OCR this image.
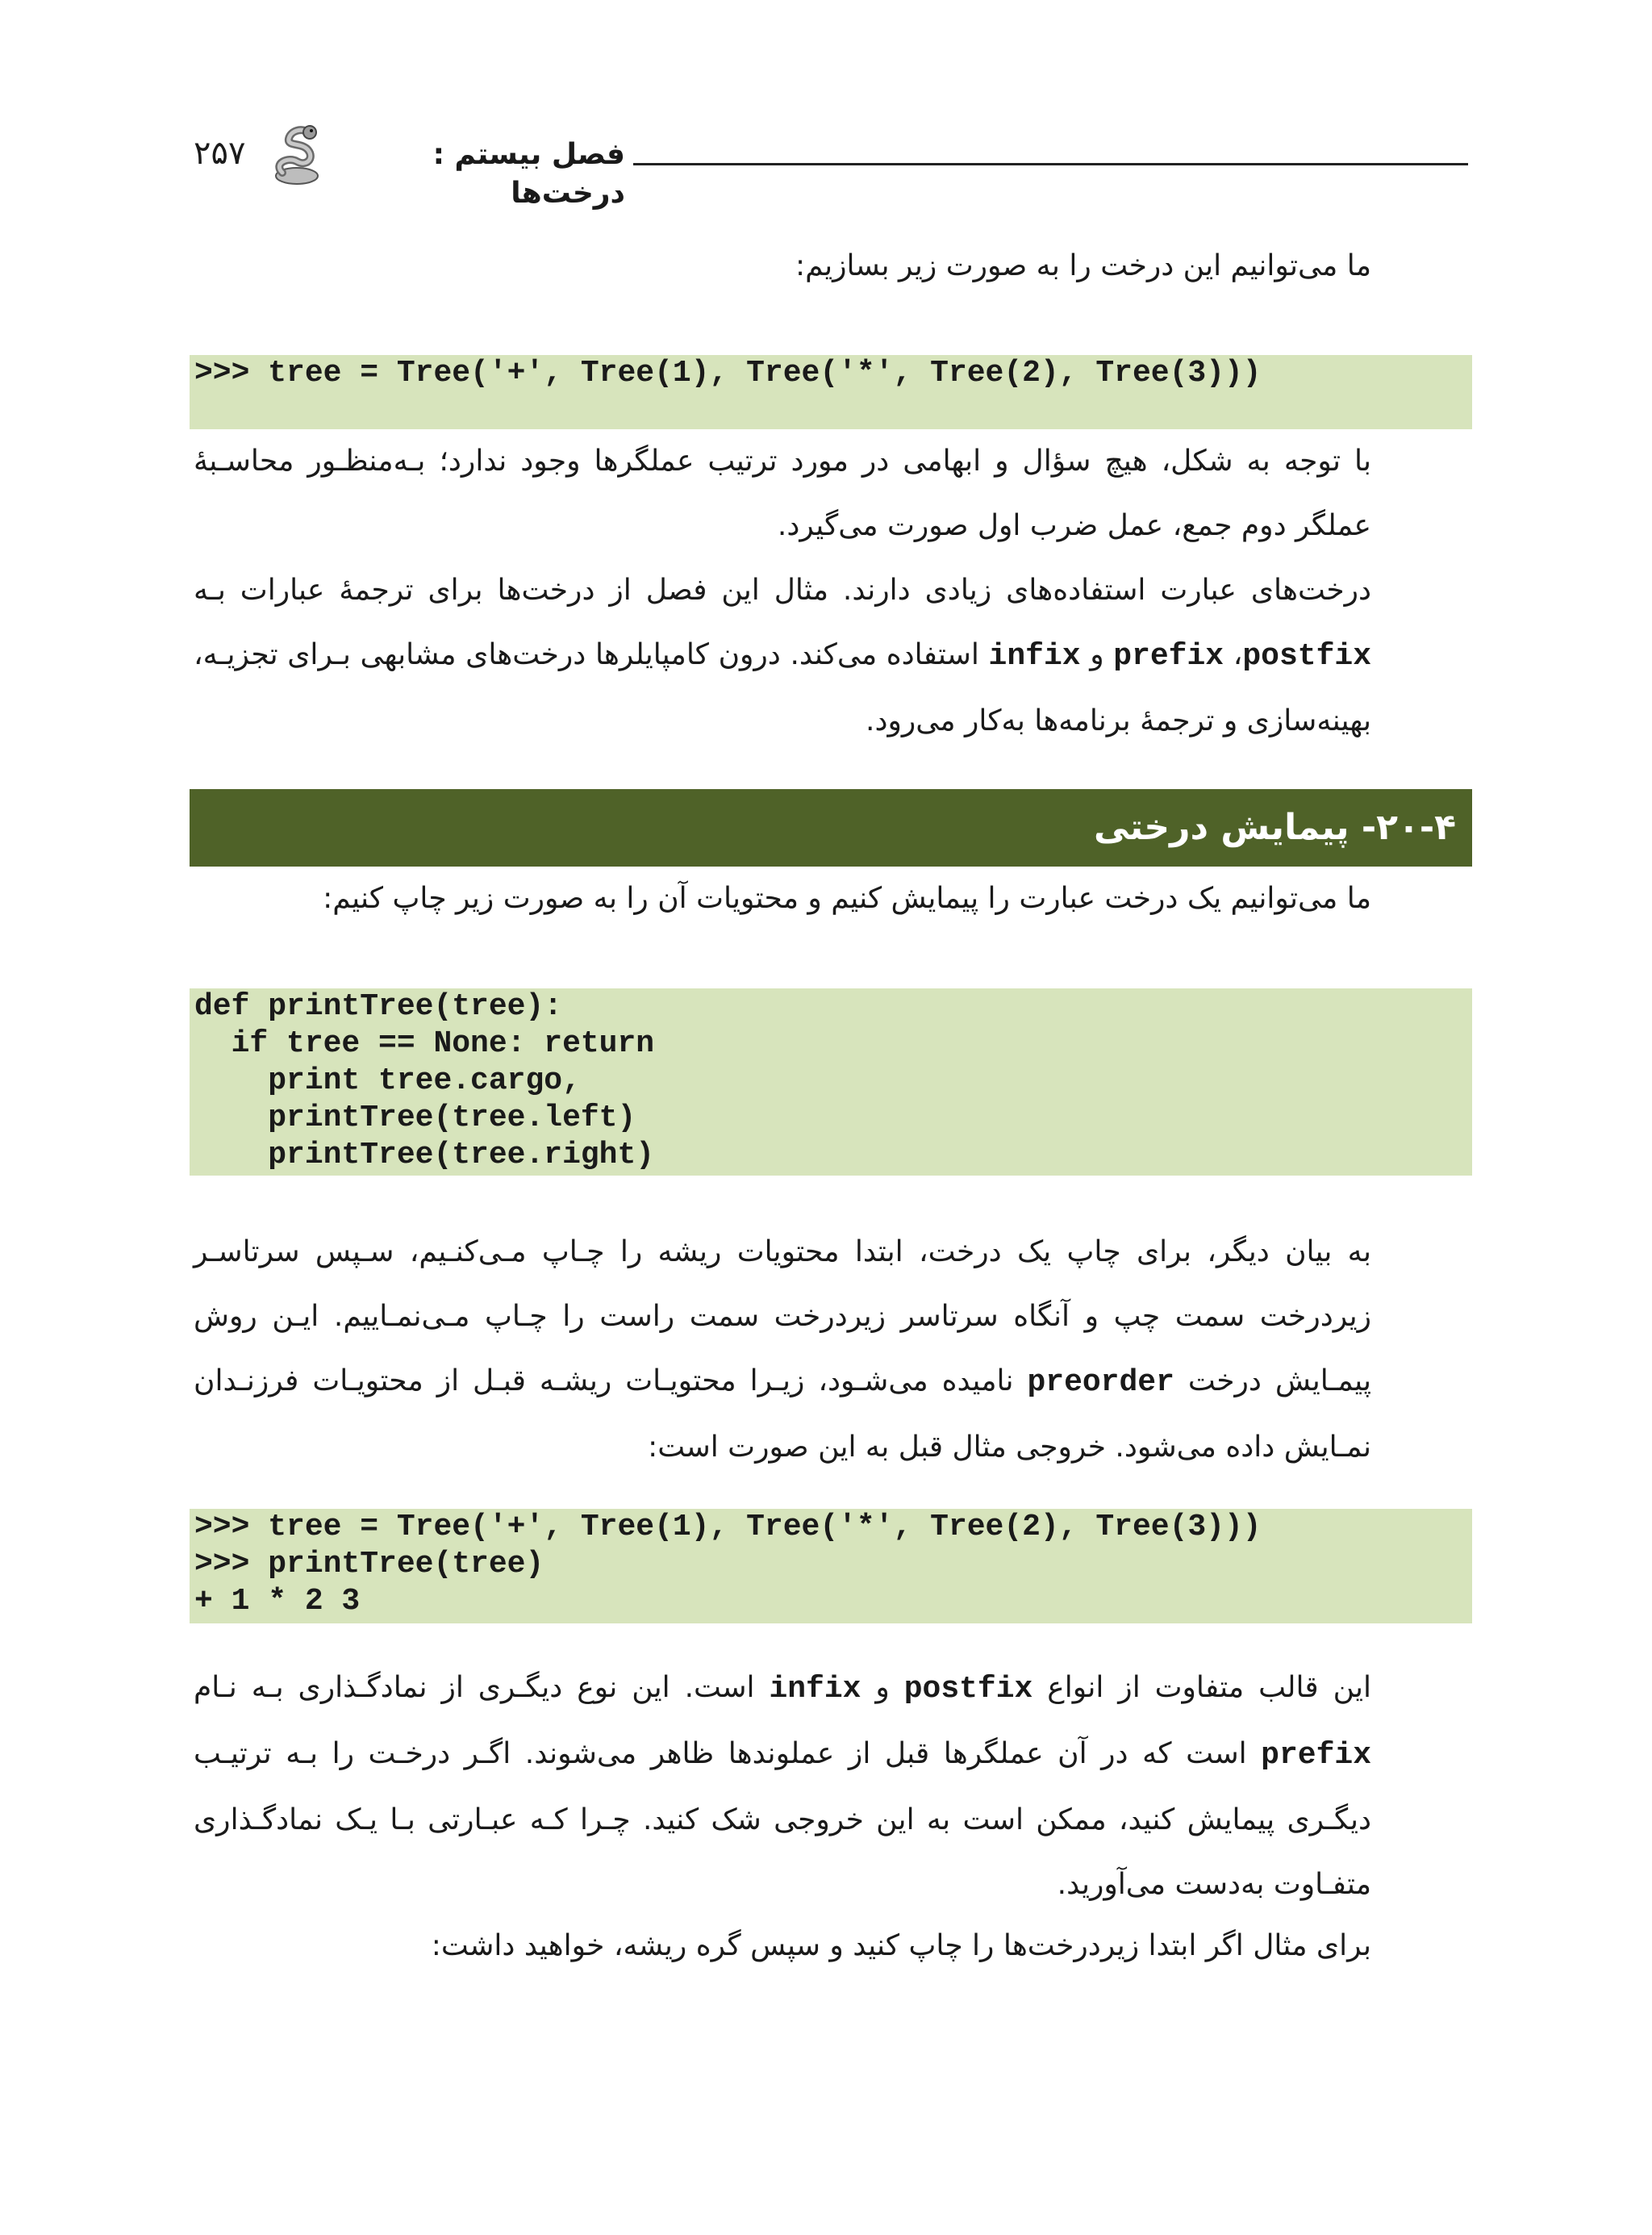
فصل بیستم : درخت‌ها
۲۵۷
ما می‌توانیم این درخت را به صورت زیر بسازیم:
>>> tree = Tree('+', Tree(1), Tree('*', Tree(2), Tree(3)))
با توجه به شکل، هیچ سؤال و ابهامی در مورد ترتیب عملگرها وجود ندارد؛ بـه‌منظـور محاسـبۀ عملگر دوم جمع، عمل ضرب اول صورت می‌گیرد.
درخت‌های عبارت استفاده‌های زیادی دارند. مثال این فصل از درخت‌ها برای ترجمۀ عبارات بـه postfix، prefix و infix استفاده می‌کند. درون کامپایلرها درخت‌های مشابهی بـرای تجزیـه، بهینه‌سازی و ترجمۀ برنامه‌ها به‌کار می‌رود.
۲۰-۴- پیمایش درختی
ما می‌توانیم یک درخت عبارت را پیمایش کنیم و محتویات آن را به صورت زیر چاپ کنیم:
def printTree(tree):
if tree == None: return
print tree.cargo,
printTree(tree.left)
printTree(tree.right)
به بیان دیگر، برای چاپ یک درخت، ابتدا محتویات ریشه را چـاپ مـی‌کنـیم، سـپس سرتاسـر زیردرخت سمت چپ و آنگاه سرتاسر زیردرخت سمت راست را چـاپ مـی‌نمـاییم. ایـن روش پیمـایش درخت preorder نامیده می‌شـود، زیـرا محتویـات ریشـه قبـل از محتویـات فرزنـدان نمـایش داده می‌شود. خروجی مثال قبل به این صورت است:
>>> tree = Tree('+', Tree(1), Tree('*', Tree(2), Tree(3)))
>>> printTree(tree)
+ 1 * 2 3
این قالب متفاوت از انواع postfix و infix است. این نوع دیگـری از نمادگـذاری بـه نـام prefix است که در آن عملگرها قبل از عملوندها ظاهر می‌شوند. اگـر درخـت را بـه ترتیـب دیگـری پیمایش کنید، ممکن است به این خروجی شک کنید. چـرا کـه عبـارتی بـا یـک نمادگـذاری متفـاوت به‌دست می‌آورید.
برای مثال اگر ابتدا زیردرخت‌ها را چاپ کنید و سپس گره ریشه، خواهید داشت:
